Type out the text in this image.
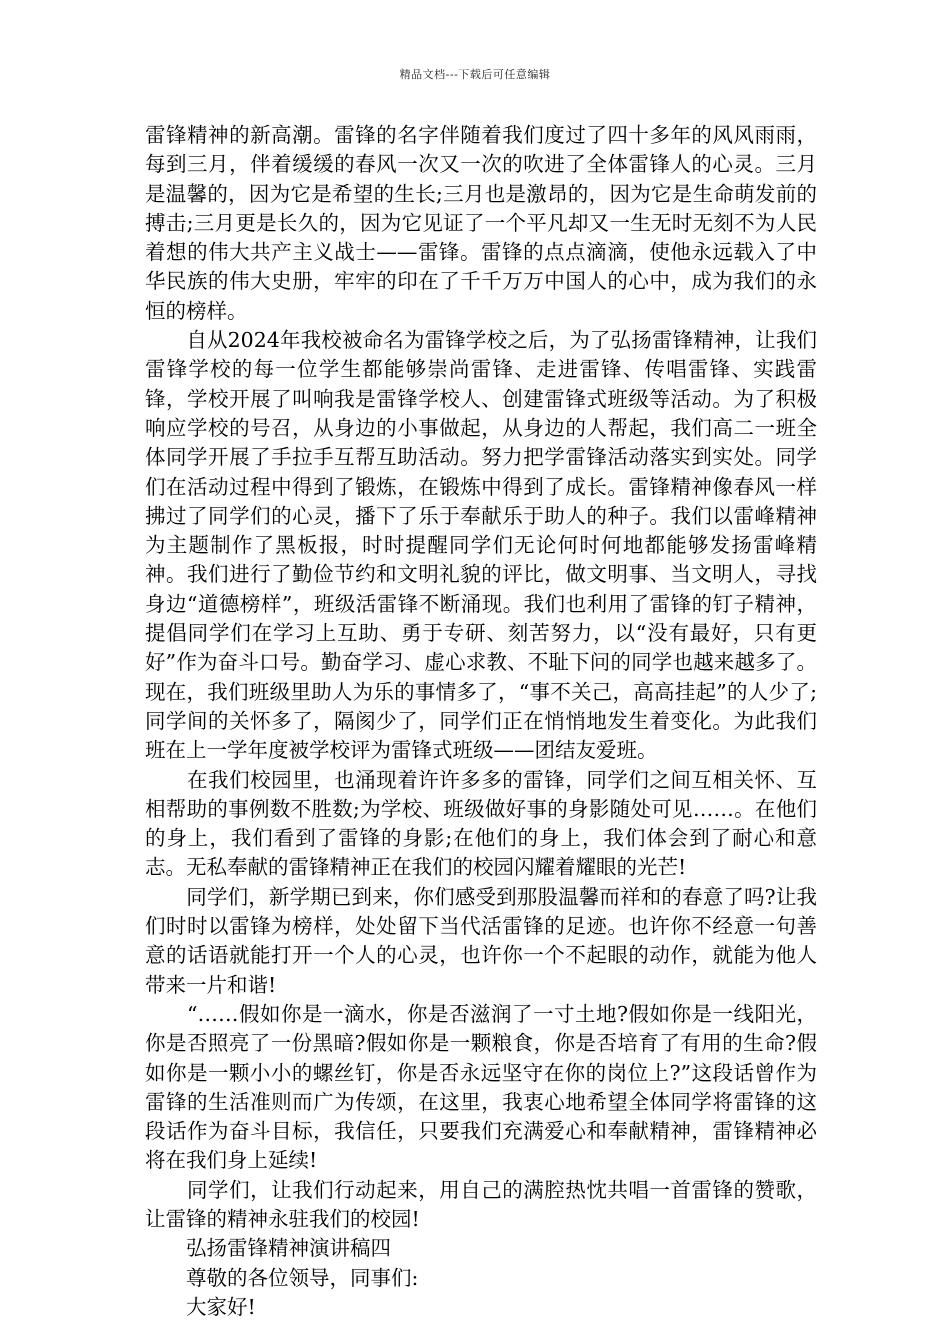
精品文档---下载后可任意编辑

雷锋精神的新高潮。雷锋的名字伴随着我们度过了四十多年的风风雨雨，每到三月，伴着缓缓的春风一次又一次的吹进了全体雷锋人的心灵。三月是温馨的，因为它是希望的生长;三月也是激昂的，因为它是生命萌发前的搏击;三月更是长久的，因为它见证了一个平凡却又一生无时无刻不为人民着想的伟大共产主义战士——雷锋。雷锋的点点滴滴，使他永远载入了中华民族的伟大史册，牢牢的印在了千千万万中国人的心中，成为我们的永恒的榜样。

　　自从2024年我校被命名为雷锋学校之后，为了弘扬雷锋精神，让我们雷锋学校的每一位学生都能够崇尚雷锋、走进雷锋、传唱雷锋、实践雷锋，学校开展了叫响我是雷锋学校人、创建雷锋式班级等活动。为了积极响应学校的号召，从身边的小事做起，从身边的人帮起，我们高二一班全体同学开展了手拉手互帮互助活动。努力把学雷锋活动落实到实处。同学们在活动过程中得到了锻炼，在锻炼中得到了成长。雷锋精神像春风一样拂过了同学们的心灵，播下了乐于奉献乐于助人的种子。我们以雷峰精神为主题制作了黑板报，时时提醒同学们无论何时何地都能够发扬雷峰精神。我们进行了勤俭节约和文明礼貌的评比，做文明事、当文明人，寻找身边“道德榜样”，班级活雷锋不断涌现。我们也利用了雷锋的钉子精神，提倡同学们在学习上互助、勇于专研、刻苦努力，以“没有最好，只有更好”作为奋斗口号。勤奋学习、虚心求教、不耻下问的同学也越来越多了。现在，我们班级里助人为乐的事情多了，“事不关己，高高挂起”的人少了;同学间的关怀多了，隔阂少了，同学们正在悄悄地发生着变化。为此我们班在上一学年度被学校评为雷锋式班级——团结友爱班。

　　在我们校园里，也涌现着许许多多的雷锋，同学们之间互相关怀、互相帮助的事例数不胜数;为学校、班级做好事的身影随处可见……。在他们的身上，我们看到了雷锋的身影;在他们的身上，我们体会到了耐心和意志。无私奉献的雷锋精神正在我们的校园闪耀着耀眼的光芒!

　　同学们，新学期已到来，你们感受到那股温馨而祥和的春意了吗?让我们时时以雷锋为榜样，处处留下当代活雷锋的足迹。也许你不经意一句善意的话语就能打开一个人的心灵，也许你一个不起眼的动作，就能为他人带来一片和谐!

　　“……假如你是一滴水，你是否滋润了一寸土地?假如你是一线阳光，你是否照亮了一份黑暗?假如你是一颗粮食，你是否培育了有用的生命?假如你是一颗小小的螺丝钉，你是否永远坚守在你的岗位上?”这段话曾作为雷锋的生活准则而广为传颂，在这里，我衷心地希望全体同学将雷锋的这段话作为奋斗目标，我信任，只要我们充满爱心和奉献精神，雷锋精神必将在我们身上延续!

　　同学们，让我们行动起来，用自己的满腔热忱共唱一首雷锋的赞歌，让雷锋的精神永驻我们的校园!

　　弘扬雷锋精神演讲稿四

　　尊敬的各位领导，同事们:

　　大家好!
